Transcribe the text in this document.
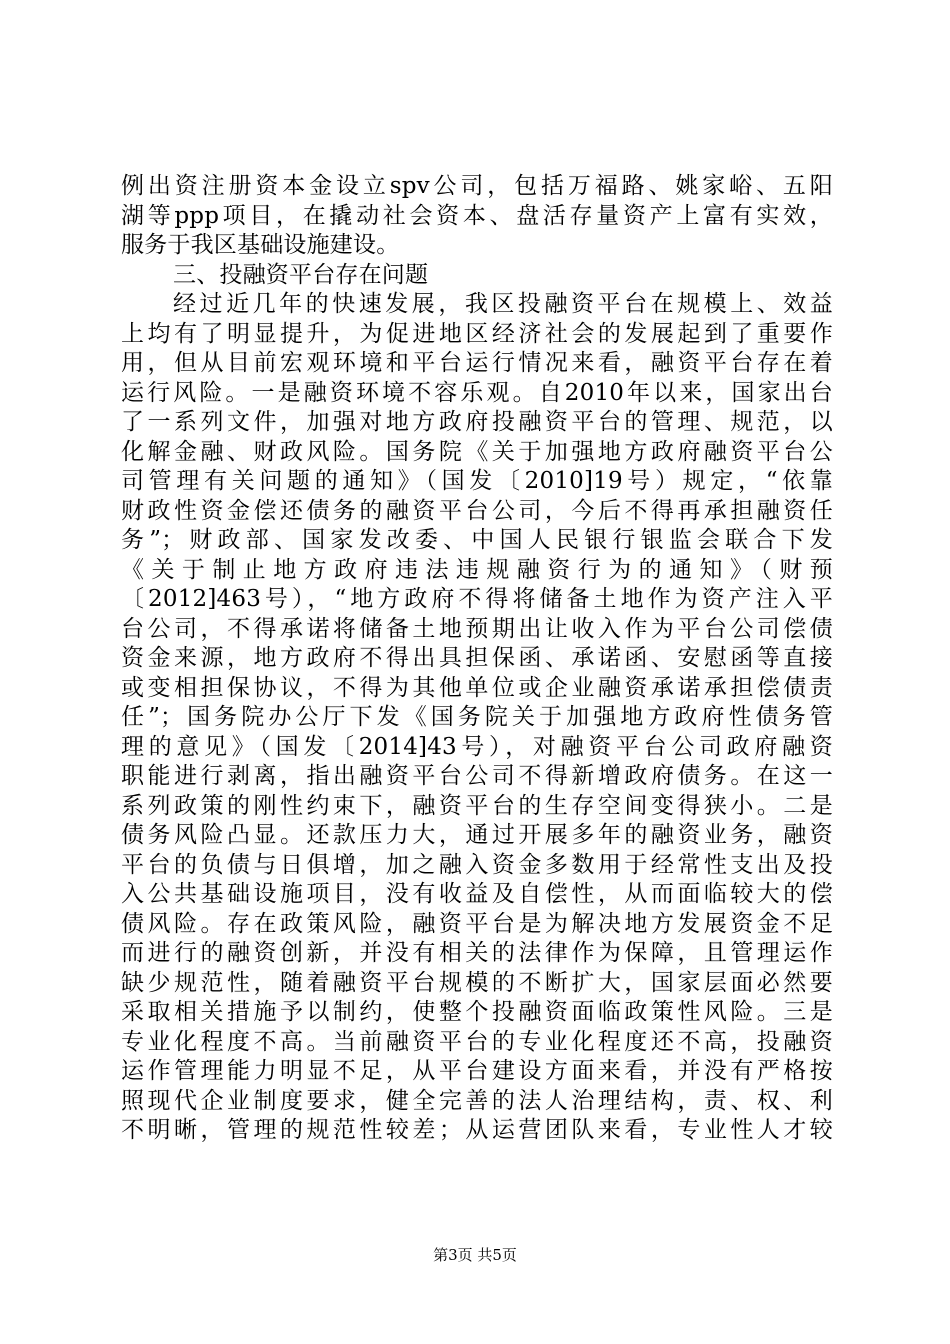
例出资注册资本金设立spv公司，包括万福路、姚家峪、五阳
湖等ppp项目，在撬动社会资本、盘活存量资产上富有实效，
服务于我区基础设施建设。
三、投融资平台存在问题
经过近几年的快速发展，我区投融资平台在规模上、效益
上均有了明显提升，为促进地区经济社会的发展起到了重要作
用，但从目前宏观环境和平台运行情况来看，融资平台存在着
运行风险。一是融资环境不容乐观。自2010年以来，国家出台
了一系列文件，加强对地方政府投融资平台的管理、规范，以
化解金融、财政风险。国务院《关于加强地方政府融资平台公
司管理有关问题的通知》（国发〔2010]19号）规定，“依靠
财政性资金偿还债务的融资平台公司，今后不得再承担融资任
务”；财政部、国家发改委、中国人民银行银监会联合下发
《关于制止地方政府违法违规融资行为的通知》（财预
〔2012]463号），“地方政府不得将储备土地作为资产注入平
台公司，不得承诺将储备土地预期出让收入作为平台公司偿债
资金来源，地方政府不得出具担保函、承诺函、安慰函等直接
或变相担保协议，不得为其他单位或企业融资承诺承担偿债责
任”；国务院办公厅下发《国务院关于加强地方政府性债务管
理的意见》（国发〔2014]43号），对融资平台公司政府融资
职能进行剥离，指出融资平台公司不得新增政府债务。在这一
系列政策的刚性约束下，融资平台的生存空间变得狭小。二是
债务风险凸显。还款压力大，通过开展多年的融资业务，融资
平台的负债与日俱增，加之融入资金多数用于经常性支出及投
入公共基础设施项目，没有收益及自偿性，从而面临较大的偿
债风险。存在政策风险，融资平台是为解决地方发展资金不足
而进行的融资创新，并没有相关的法律作为保障，且管理运作
缺少规范性，随着融资平台规模的不断扩大，国家层面必然要
采取相关措施予以制约，使整个投融资面临政策性风险。三是
专业化程度不高。当前融资平台的专业化程度还不高，投融资
运作管理能力明显不足，从平台建设方面来看，并没有严格按
照现代企业制度要求，健全完善的法人治理结构，责、权、利
不明晰，管理的规范性较差；从运营团队来看，专业性人才较
第3页 共5页
